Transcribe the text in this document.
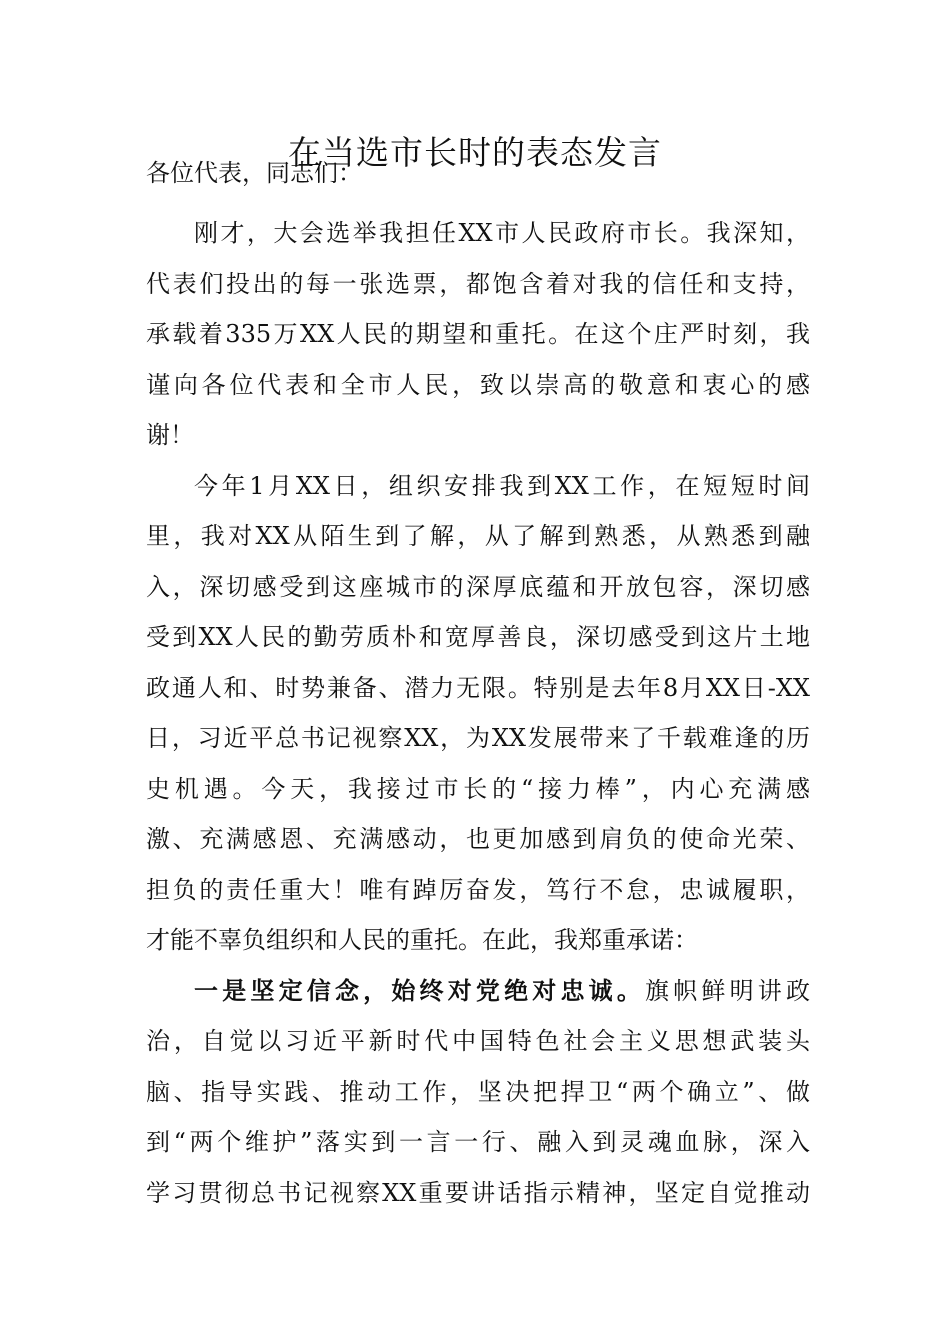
在当选市长时的表态发言

各位代表，同志们：

刚才，大会选举我担任XX市人民政府市长。我深知，
代表们投出的每一张选票，都饱含着对我的信任和支持，
承载着335万XX人民的期望和重托。在这个庄严时刻，我
谨向各位代表和全市人民，致以崇高的敬意和衷心的感
谢！
今年1月XX日，组织安排我到XX工作，在短短时间
里，我对XX从陌生到了解，从了解到熟悉，从熟悉到融
入，深切感受到这座城市的深厚底蕴和开放包容，深切感
受到XX人民的勤劳质朴和宽厚善良，深切感受到这片土地
政通人和、时势兼备、潜力无限。特别是去年8月XX日-XX
日，习近平总书记视察XX，为XX发展带来了千载难逢的历
史机遇。今天，我接过市长的“接力棒”，内心充满感
激、充满感恩、充满感动，也更加感到肩负的使命光荣、
担负的责任重大！唯有踔厉奋发，笃行不怠，忠诚履职，
才能不辜负组织和人民的重托。在此，我郑重承诺：
一是坚定信念，始终对党绝对忠诚。旗帜鲜明讲政
治，自觉以习近平新时代中国特色社会主义思想武装头
脑、指导实践、推动工作，坚决把捍卫“两个确立”、做
到“两个维护”落实到一言一行、融入到灵魂血脉，深入
学习贯彻总书记视察XX重要讲话指示精神，坚定自觉推动
